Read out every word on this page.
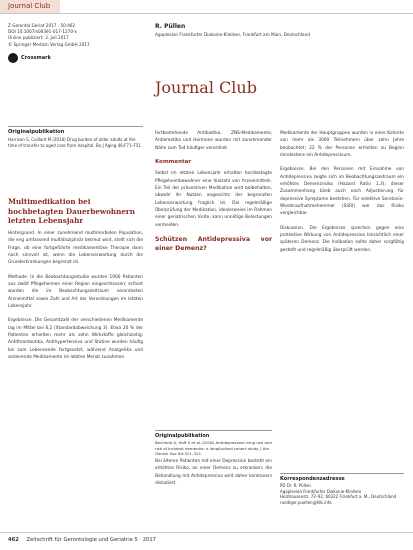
Journal Club
Z Gerontol Geriat 2017 · 50:462
DOI 10.1007/s00391-017-1270-x
Online publiziert: 3. Juli 2017
© Springer Medizin Verlag GmbH 2017
Crossmark
R. Püllen
Agaplesion Frankfurter Diakonie-Kliniken, Frankfurt am Main, Deutschland
Journal Club
Originalpublikation
Harrison S, Cuillard M (2016) Drug burden of older adults at the time of transfer to aged care from hospital. Bu J Aging 46:F71–F51
Multimedikation bei hochbetagten Dauerbewohnern letzten Lebensjahr

Hintergrund. In einer zunehmend multimorbiden Population, die eng umfassend multidisziplinär betreut wird, stellt sich die Frage, ob eine fortgeführte medikamentöse Therapie dann noch sinnvoll ist, wenn die Lebenserwartung durch die Grunderkrankungen begrenzt ist.

Methode. In die Beobachtungsstudie wurden 1900 Patienten aus zwölf Pflegeheimen einer Region eingeschlossen; erfasst wurden die im Beobachtungszeitraum verordneten Arzneimittel sowie Zahl und Art der Verordnungen im letzten Lebensjahr.

Ergebnisse. Die Gesamtzahl der verschiedenen Medikamente lag im Mittel bei 6,2 (Standardabweichung 3). Etwa 20 % der Patienten erhielten mehr als zehn Wirkstoffe gleichzeitig; Antithrombotika, Antihypertensiva und Statine wurden häufig bis zum Lebensende fortgesetzt, während Analgetika und sedierende Medikamente im letzten Monat zunahmen.

fortbestehende Antibiotika, ZNS-Medikamente, Antiemetika und Hormone wurden mit zunehmender Nähe zum Tod häufiger verordnet.

Kommentar

Selbst im letzten Lebensjahr erhalten hochbetagte Pflegeheimbewohner eine Vielzahl von Arzneimitteln. Ein Teil der präventiven Medikation wird beibehalten, obwohl ihr Nutzen angesichts der begrenzten Lebenserwartung fraglich ist. Die regelmäßige Überprüfung der Medikation, idealerweise im Rahmen einer geriatrischen Visite, kann unnötige Belastungen vermeiden.

Schützen Antidepressiva vor einer Demenz?
Originalpublikation
Bechtold A, Hoff S et al (2016) Antidepressant drug use and risk of incident dementia: a longitudinal cohort study. J Am Geriatr Soc 64:311–321

Bei älteren Patienten mit einer Depression besteht ein erhöhtes Risiko, an einer Demenz zu erkranken; die Behandlung mit Antidepressiva wird daher kontrovers diskutiert.

Medikamente der Hauptgruppen wurden in einer Kohorte von mehr als 3000 Teilnehmern über zehn Jahre beobachtet; 22 % der Personen erhielten zu Beginn mindestens ein Antidepressivum.

Ergebnisse. Bei den Personen mit Einnahme von Antidepressiva zeigte sich im Beobachtungszeitraum ein erhöhtes Demenzrisiko (Hazard Ratio 1,3); dieser Zusammenhang blieb auch nach Adjustierung für depressive Symptome bestehen. Für selektive Serotonin-Wiederaufnahmehemmer (SSRI) war das Risiko vergleichbar.

Diskussion. Die Ergebnisse sprechen gegen eine protektive Wirkung von Antidepressiva hinsichtlich einer späteren Demenz. Die Indikation sollte daher sorgfältig gestellt und regelmäßig überprüft werden.

Korrespondenzadresse
PD Dr. R. Püllen
Agaplesion Frankfurter Diakonie-Kliniken
Holzhausenstr. 72–92, 60322 Frankfurt a. M., Deutschland
ruediger.puellen@fdk.info
462 Zeitschrift für Gerontologie und Geriatrie 5 · 2017
